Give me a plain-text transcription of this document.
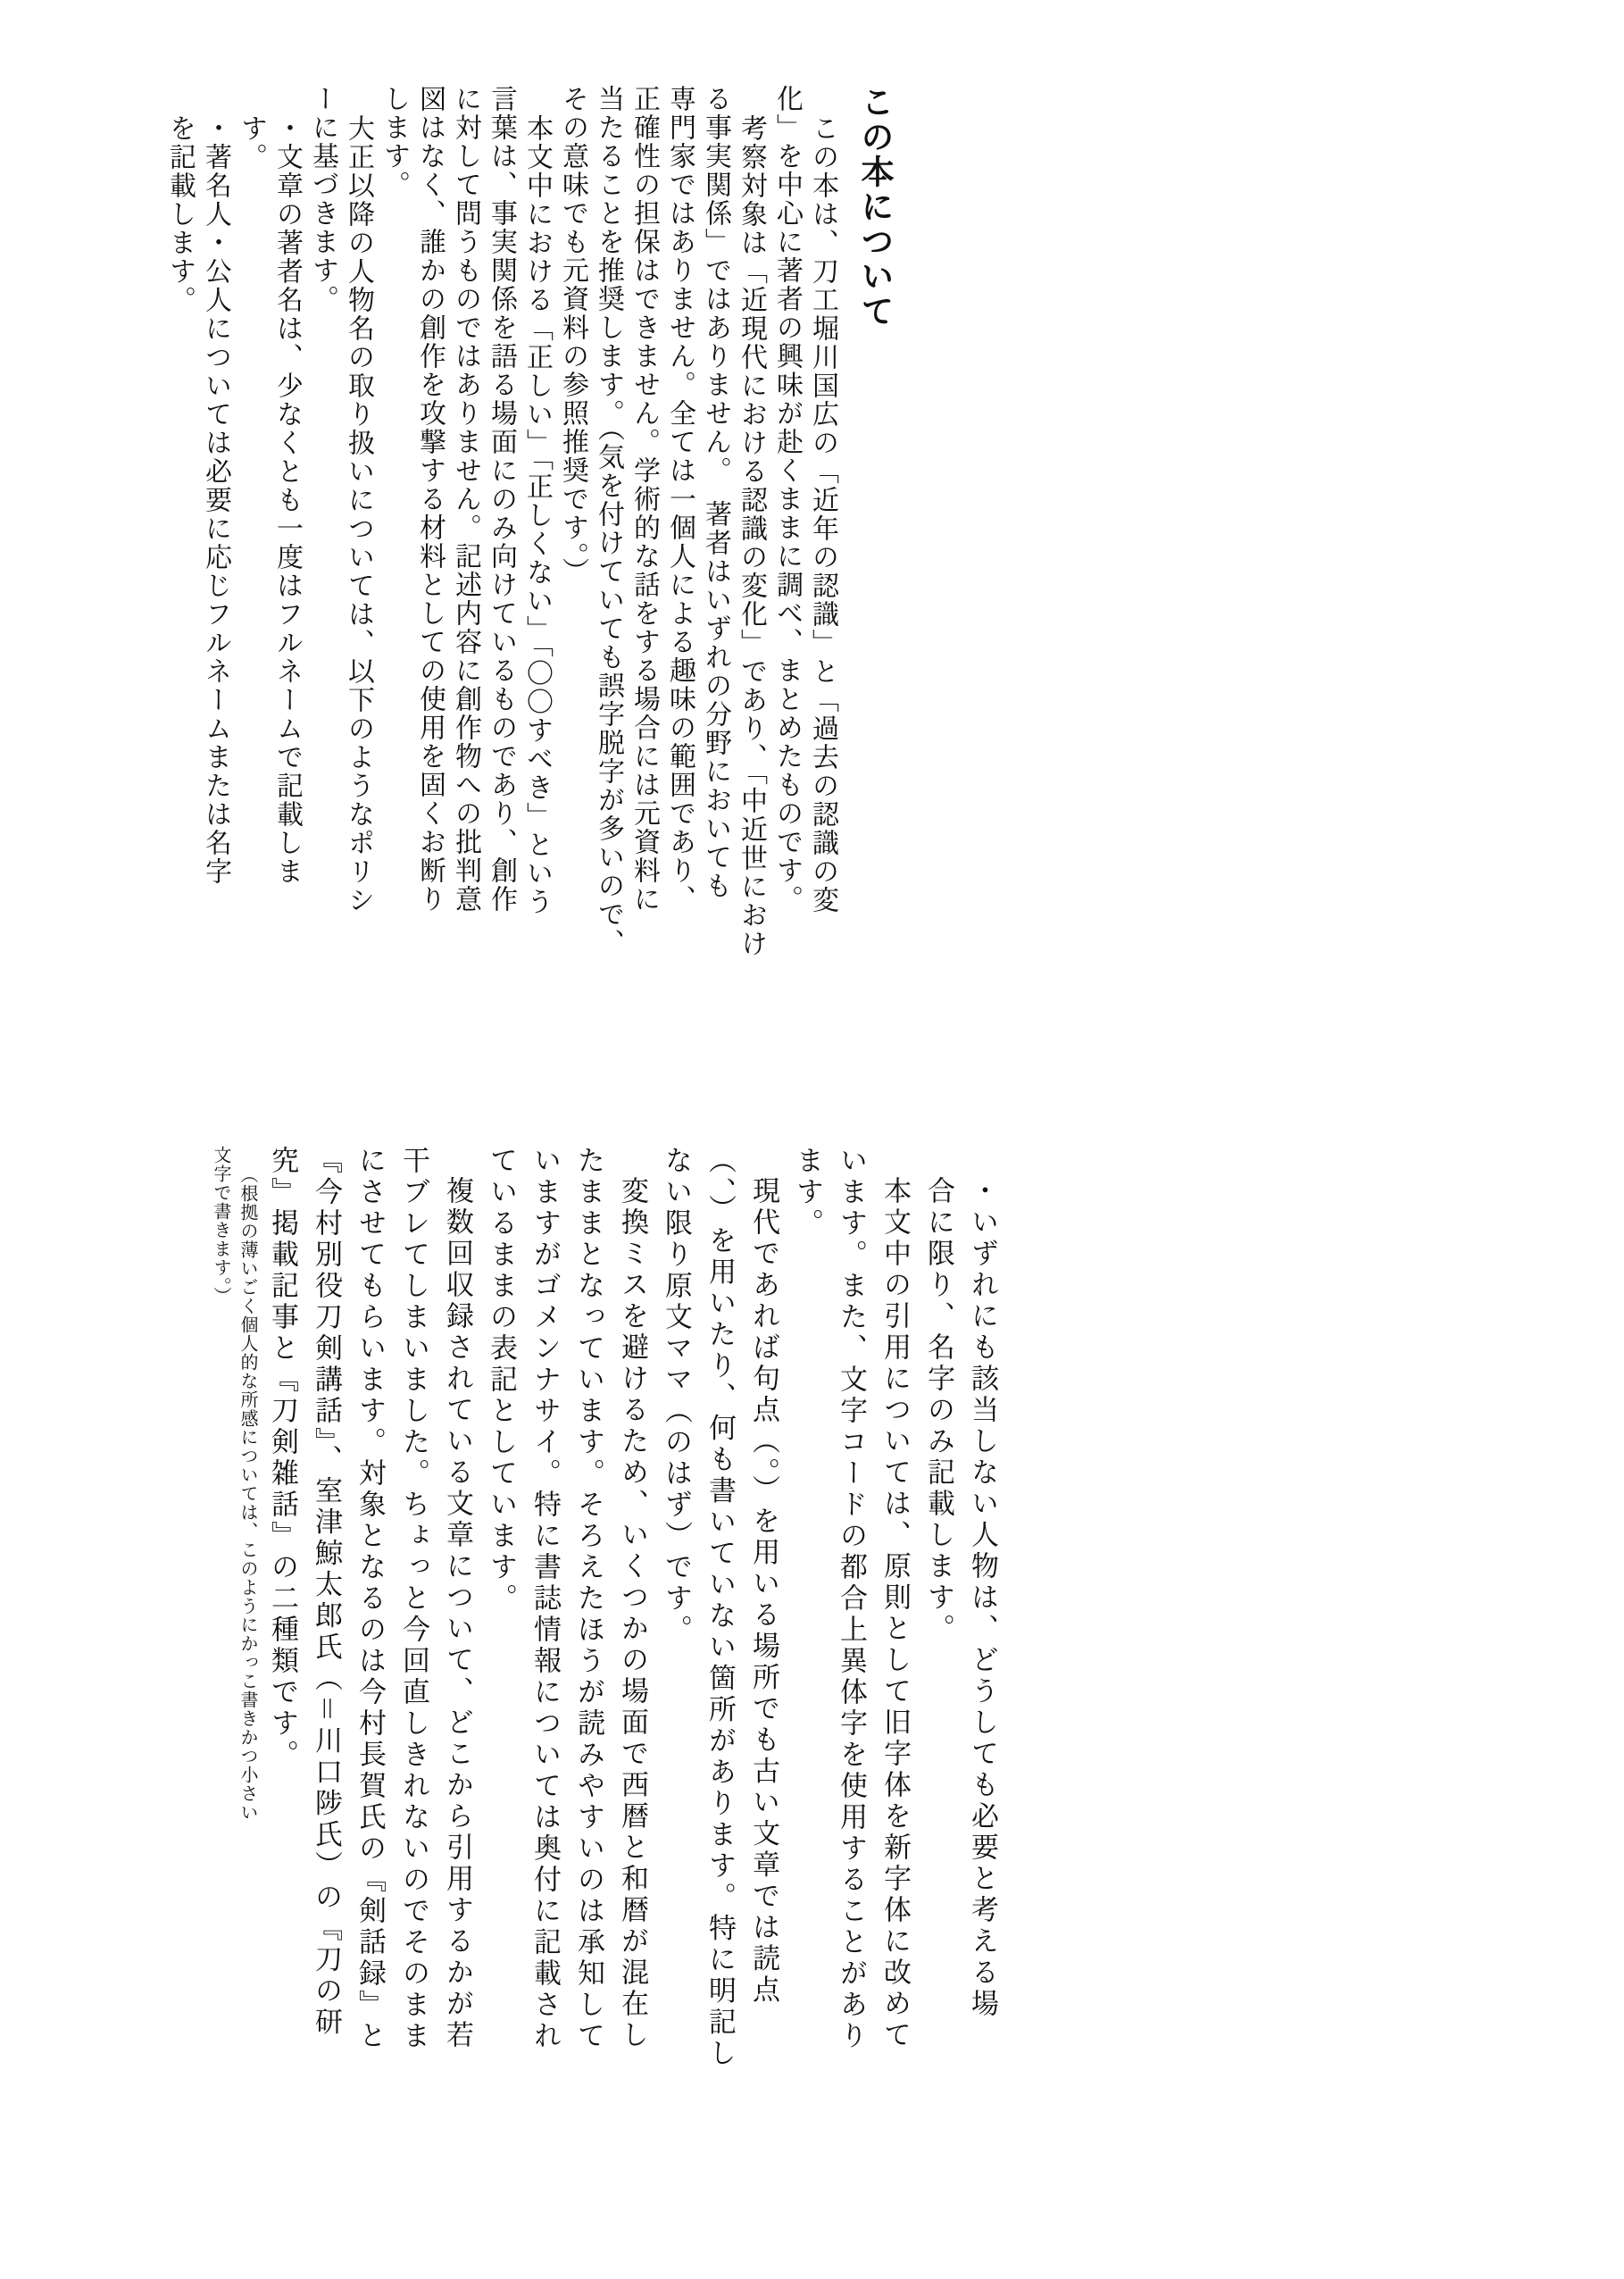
この本について
この本は、刀工堀川国広の「近年の認識」と「過去の認識の変
化」を中心に著者の興味が赴くままに調べ、まとめたものです。
考察対象は「近現代における認識の変化」であり、「中近世におけ
る事実関係」ではありません。　著者はいずれの分野においても
専門家ではありません。全ては一個人による趣味の範囲であり、
正確性の担保はできません。学術的な話をする場合には元資料に
当たることを推奨します。（気を付けていても誤字脱字が多いので、
その意味でも元資料の参照推奨です。）
本文中における「正しい」「正しくない」「〇〇すべき」という
言葉は、事実関係を語る場面にのみ向けているものであり、創作
に対して問うものではありません。記述内容に創作物への批判意
図はなく、誰かの創作を攻撃する材料としての使用を固くお断り
します。
大正以降の人物名の取り扱いについては、以下のようなポリシ
ーに基づきます。
・文章の著者名は、少なくとも一度はフルネームで記載しま
す。
・著名人・公人については必要に応じフルネームまたは名字
を記載します。
・いずれにも該当しない人物は、どうしても必要と考える場
合に限り、名字のみ記載します。
本文中の引用については、原則として旧字体を新字体に改めて
います。また、文字コードの都合上異体字を使用することがあり
ます。
現代であれば句点（。）を用いる場所でも古い文章では読点
（、）を用いたり、何も書いていない箇所があります。特に明記し
ない限り原文ママ（のはず）です。
変換ミスを避けるため、いくつかの場面で西暦と和暦が混在し
たままとなっています。そろえたほうが読みやすいのは承知して
いますがゴメンナサイ。特に書誌情報については奥付に記載され
ているままの表記としています。
複数回収録されている文章について、どこから引用するかが若
干ブレてしまいました。ちょっと今回直しきれないのでそのまま
にさせてもらいます。対象となるのは今村長賀氏の『剣話録』と
『今村別役刀剣講話』、室津鯨太郎氏（＝川口陟氏）の『刀の研
究』掲載記事と『刀剣雑話』の二種類です。
（根拠の薄いごく個人的な所感については、このようにかっこ書きかつ小さい
文字で書きます。）
